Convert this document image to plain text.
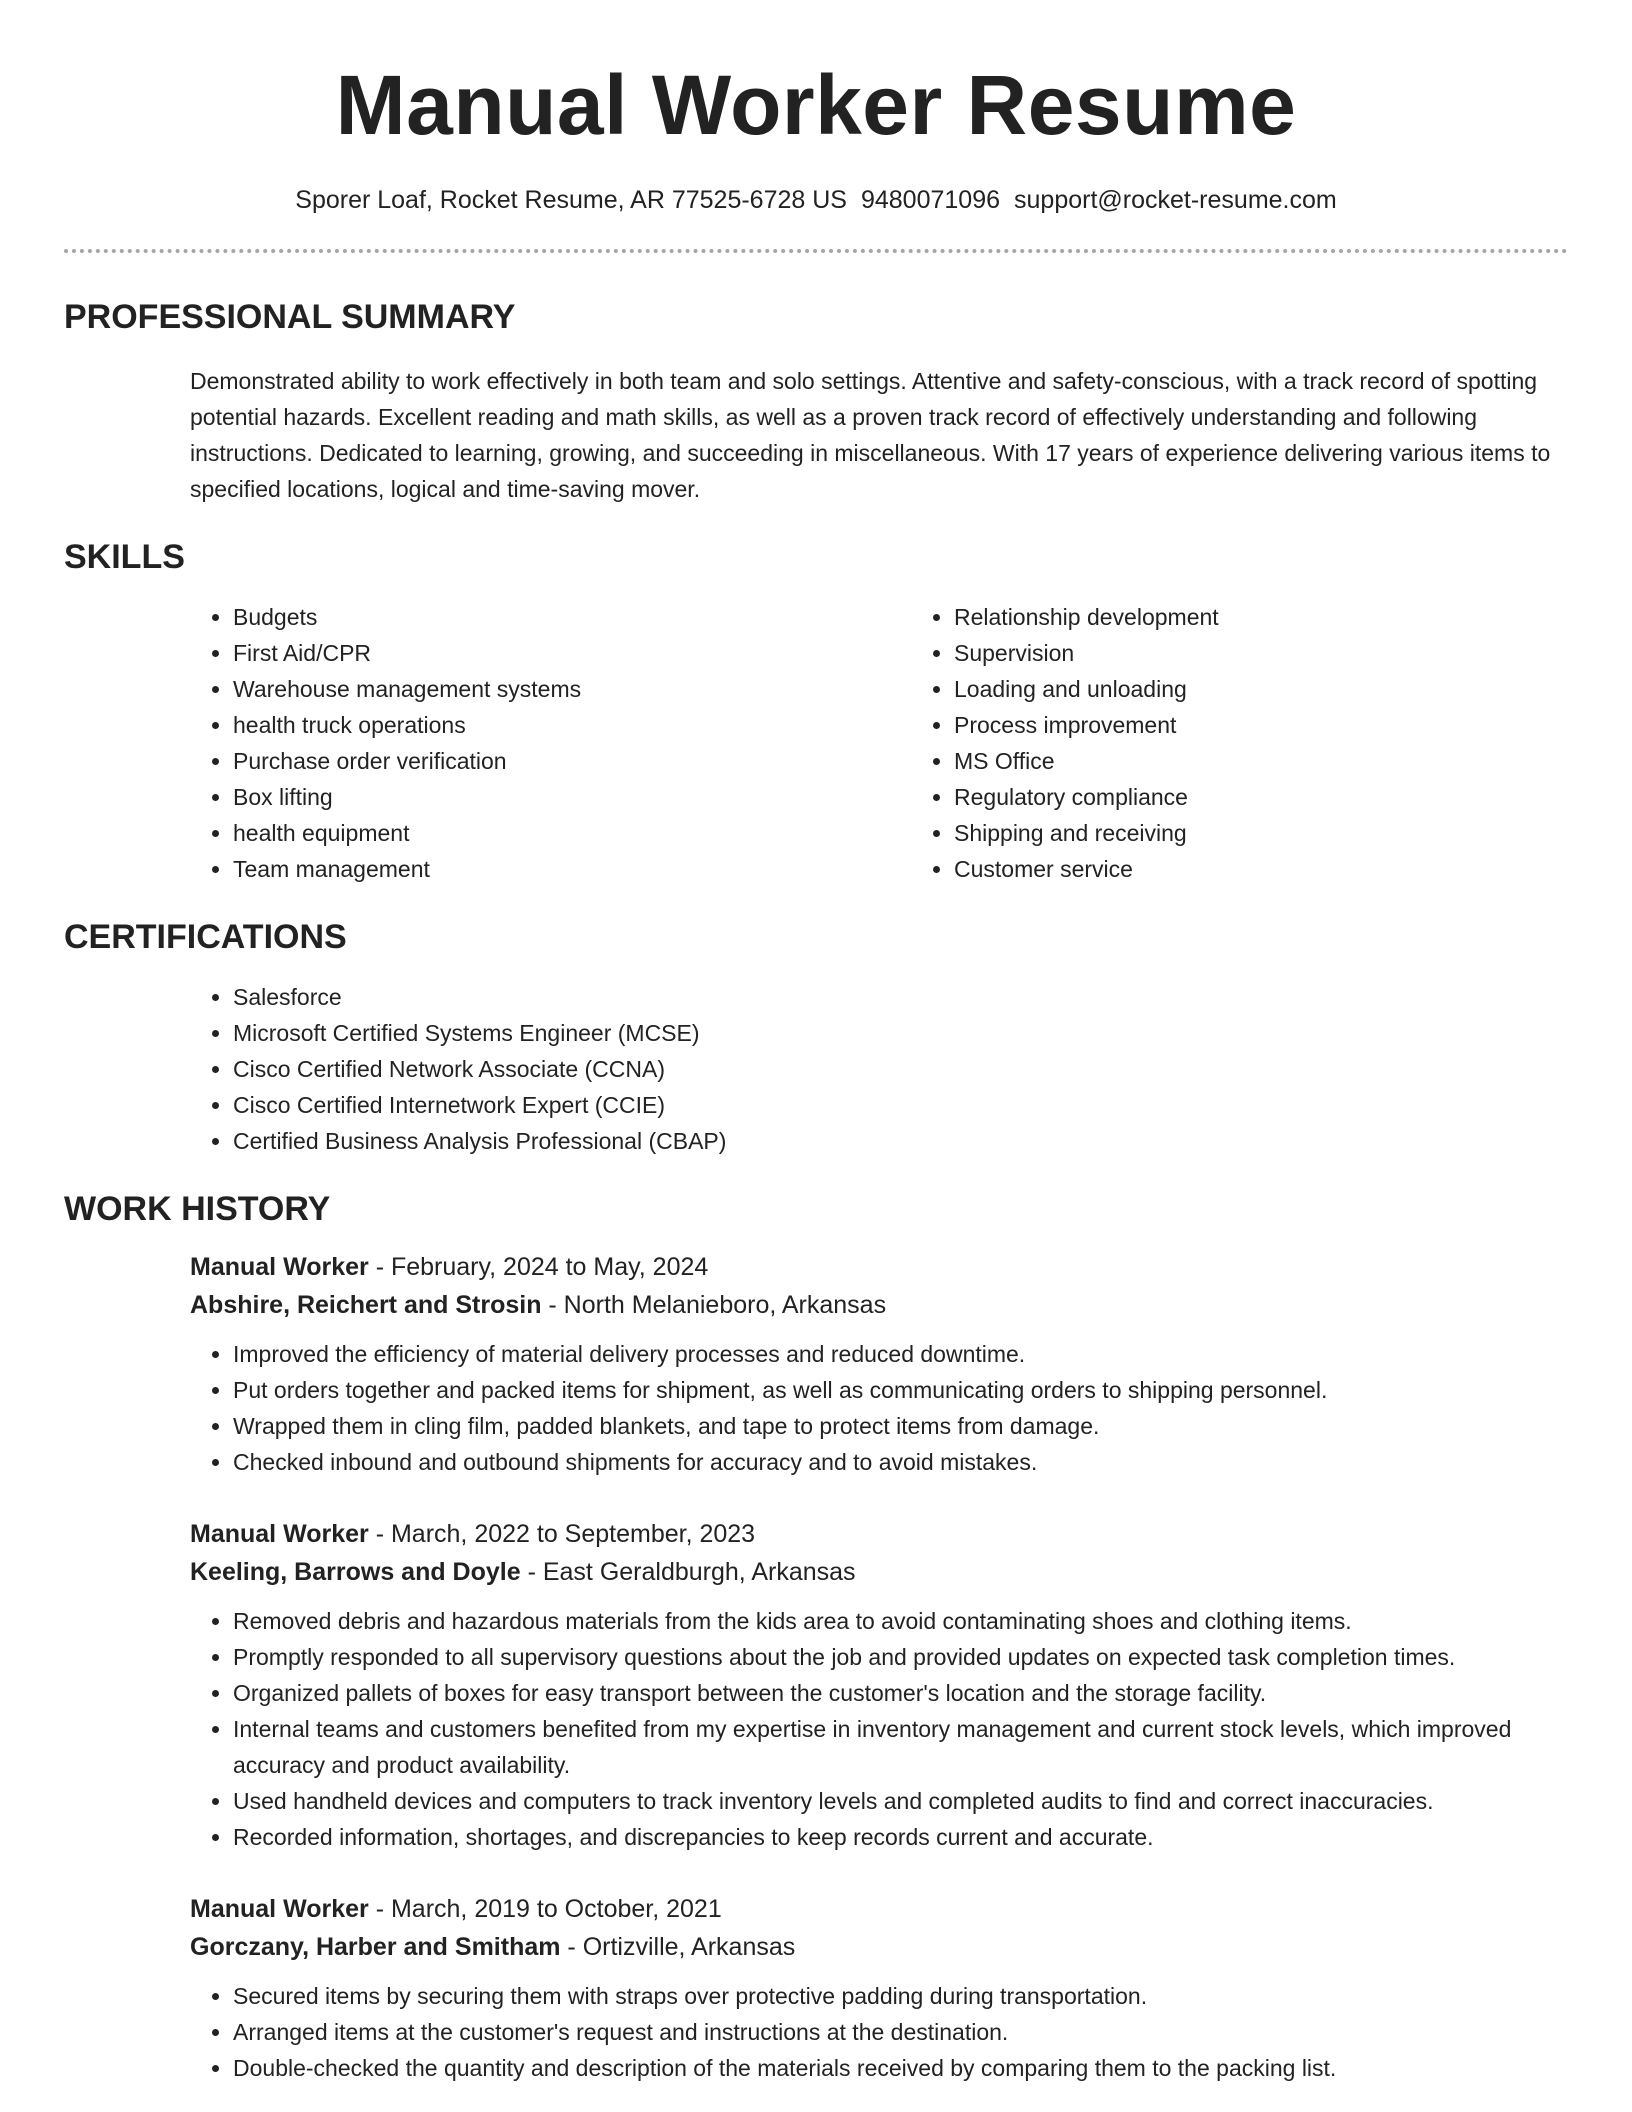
Manual Worker Resume
Sporer Loaf, Rocket Resume, AR 77525-6728 US 9480071096 support@rocket-resume.com
PROFESSIONAL SUMMARY

Demonstrated ability to work effectively in both team and solo settings. Attentive and safety-conscious, with a track record of spotting potential hazards. Excellent reading and math skills, as well as a proven track record of effectively understanding and following instructions. Dedicated to learning, growing, and succeeding in miscellaneous. With 17 years of experience delivering various items to specified locations, logical and time-saving mover.

SKILLS
• Budgets
• First Aid/CPR
• Warehouse management systems
• health truck operations
• Purchase order verification
• Box lifting
• health equipment
• Team management
• Relationship development
• Supervision
• Loading and unloading
• Process improvement
• MS Office
• Regulatory compliance
• Shipping and receiving
• Customer service
CERTIFICATIONS
• Salesforce
• Microsoft Certified Systems Engineer (MCSE)
• Cisco Certified Network Associate (CCNA)
• Cisco Certified Internetwork Expert (CCIE)
• Certified Business Analysis Professional (CBAP)
WORK HISTORY
Manual Worker - February, 2024 to May, 2024
Abshire, Reichert and Strosin - North Melanieboro, Arkansas
• Improved the efficiency of material delivery processes and reduced downtime.
• Put orders together and packed items for shipment, as well as communicating orders to shipping personnel.
• Wrapped them in cling film, padded blankets, and tape to protect items from damage.
• Checked inbound and outbound shipments for accuracy and to avoid mistakes.
Manual Worker - March, 2022 to September, 2023
Keeling, Barrows and Doyle - East Geraldburgh, Arkansas
• Removed debris and hazardous materials from the kids area to avoid contaminating shoes and clothing items.
• Promptly responded to all supervisory questions about the job and provided updates on expected task completion times.
• Organized pallets of boxes for easy transport between the customer's location and the storage facility.
• Internal teams and customers benefited from my expertise in inventory management and current stock levels, which improved accuracy and product availability.
• Used handheld devices and computers to track inventory levels and completed audits to find and correct inaccuracies.
• Recorded information, shortages, and discrepancies to keep records current and accurate.
Manual Worker - March, 2019 to October, 2021
Gorczany, Harber and Smitham - Ortizville, Arkansas
• Secured items by securing them with straps over protective padding during transportation.
• Arranged items at the customer's request and instructions at the destination.
• Double-checked the quantity and description of the materials received by comparing them to the packing list.
